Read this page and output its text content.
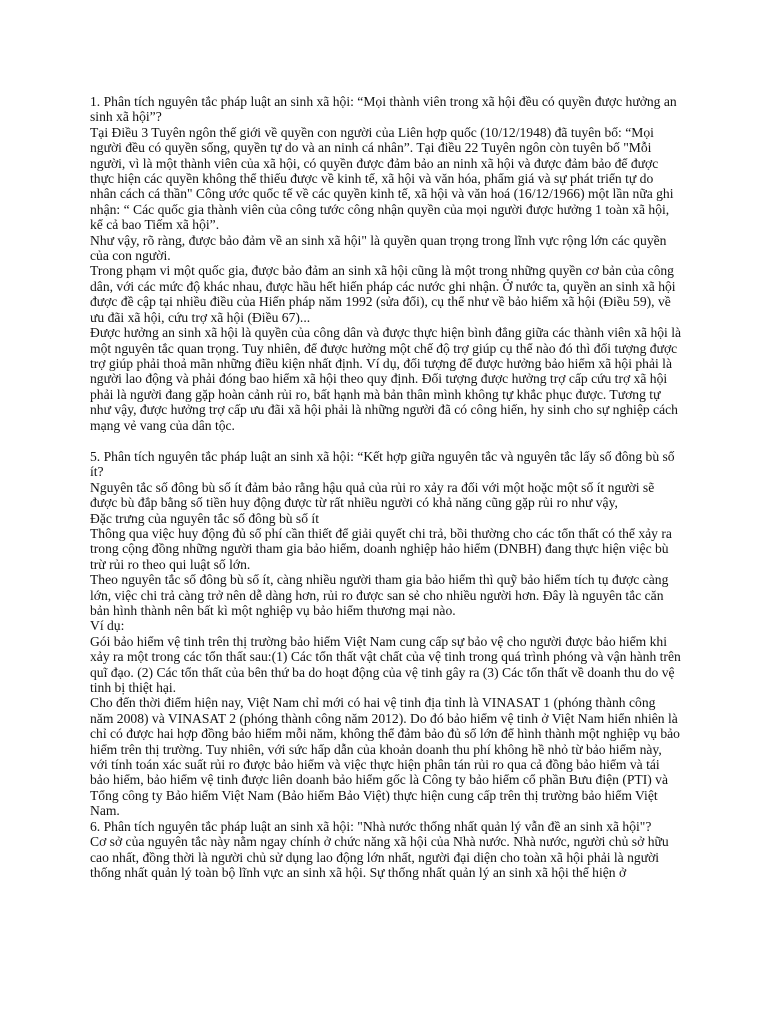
1. Phân tích nguyên tắc pháp luật an sinh xã hội: “Mọi thành viên trong xã hội đều có quyền được hưởng an sinh xã hội”?

Tại Điều 3 Tuyên ngôn thế giới về quyền con người của Liên hợp quốc (10/12/1948) đã tuyên bố: “Mọi người đều có quyền sống, quyền tự do và an ninh cá nhân”. Tại điều 22 Tuyên ngôn còn tuyên bố "Mỗi người, vì là một thành viên của xã hội, có quyền được đảm bảo an ninh xã hội và được đảm bảo để được thực hiện các quyền không thể thiếu được về kinh tế, xã hội và văn hóa, phẩm giá và sự phát triển tự do nhân cách cá thần" Công ước quốc tế về các quyền kinh tế, xã hội và văn hoá (16/12/1966) một lần nữa ghi nhận: “ Các quốc gia thành viên của công tước công nhận quyền của mọi người được hưởng 1 toàn xã hội, kể cả bao Tiếm xã hội”.

Như vậy, rõ ràng, được bảo đảm về an sinh xã hội" là quyền quan trọng trong lĩnh vực rộng lớn các quyền của con người.

Trong phạm vi một quốc gia, được bảo đảm an sinh xã hội cũng là một trong những quyền cơ bản của công dân, với các mức độ khác nhau, được hầu hết hiến pháp các nước ghi nhận. Ở nước ta, quyền an sinh xã hội được đề cập tại nhiều điều của Hiến pháp năm 1992 (sửa đổi), cụ thể như về bảo hiểm xã hội (Điều 59), về ưu đãi xã hội, cứu trợ xã hội (Điều 67)...

Được hưởng an sinh xã hội là quyền của công dân và được thực hiện bình đẳng giữa các thành viên xã hội là một nguyên tắc quan trọng. Tuy nhiên, để được hưởng một chế độ trợ giúp cụ thể nào đó thì đối tượng được trợ giúp phải thoả mãn những điều kiện nhất định. Ví dụ, đối tượng để được hưởng bảo hiểm xã hội phải là người lao động và phải đóng bao hiểm xã hội theo quy định. Đối tượng được hưởng trợ cấp cứu trợ xã hội phải là người đang gặp hoàn cảnh rủi ro, bất hạnh mà bản thân mình không tự khắc phục được. Tương tự như vậy, được hưởng trợ cấp ưu đãi xã hội phải là những người đã có công hiến, hy sinh cho sự nghiệp cách mạng vẻ vang của dân tộc.

5. Phân tích nguyên tắc pháp luật an sinh xã hội: “Kết hợp giữa nguyên tắc và nguyên tắc lấy số đông bù số ít?

Nguyên tắc số đông bù số ít đảm bảo rằng hậu quả của rủi ro xảy ra đối với một hoặc một số ít người sẽ được bù đắp bằng số tiền huy động được từ rất nhiều người có khả năng cũng gặp rủi ro như vậy,

Đặc trưng của nguyên tắc số đông bù số ít

Thông qua việc huy động đủ số phí cần thiết để giải quyết chi trả, bồi thường cho các tổn thất có thể xảy ra trong cộng đồng những người tham gia bảo hiểm, doanh nghiệp hảo hiểm (DNBH) đang thực hiện việc bù trừ rủi ro theo qui luật số lớn.

Theo nguyên tắc số đông bù số ít, càng nhiều người tham gia bảo hiểm thì quỹ bảo hiểm tích tụ được càng lớn, việc chi trả càng trở nên dễ dàng hơn, rủi ro được san sẻ cho nhiều người hơn. Đây là nguyên tắc căn bản hình thành nên bất kì một nghiệp vụ bảo hiểm thương mại nào.

Ví dụ:

Gói bảo hiểm vệ tinh trên thị trường bảo hiểm Việt Nam cung cấp sự bảo vệ cho người được bảo hiểm khi xảy ra một trong các tổn thất sau:(1) Các tổn thất vật chất của vệ tinh trong quá trình phóng và vận hành trên quĩ đạo. (2) Các tổn thất của bên thứ ba do hoạt động của vệ tinh gây ra (3) Các tổn thất về doanh thu do vệ tinh bị thiệt hại.

Cho đến thời điểm hiện nay, Việt Nam chỉ mới có hai vệ tinh địa tỉnh là VINASAT 1 (phóng thành công năm 2008) và VINASAT 2 (phóng thành công năm 2012). Do đó bảo hiểm vệ tinh ở Việt Nam hiển nhiên là chỉ có được hai hợp đồng bảo hiểm mỗi năm, không thể đảm bảo đủ số lớn để hình thành một nghiệp vụ bảo hiểm trên thị trường. Tuy nhiên, với sức hấp dẫn của khoản doanh thu phí không hề nhỏ từ bảo hiểm này, với tính toán xác suất rủi ro được bảo hiểm và việc thực hiện phân tán rủi ro qua cả đồng bảo hiểm và tái bảo hiểm, bảo hiểm vệ tinh được liên doanh bảo hiểm gốc là Công ty bảo hiểm cổ phần Bưu điện (PTI) và Tổng công ty Bảo hiểm Việt Nam (Bảo hiểm Bảo Việt) thực hiện cung cấp trên thị trường bảo hiểm Việt Nam.

6. Phân tích nguyên tắc pháp luật an sinh xã hội: "Nhà nước thống nhất quản lý vẫn đề an sinh xã hội"?

Cơ sở của nguyên tắc này nằm ngay chính ở chức năng xã hội của Nhà nước. Nhà nước, người chủ sở hữu cao nhất, đồng thời là người chủ sử dụng lao động lớn nhất, người đại diện cho toàn xã hội phải là người thống nhất quản lý toàn bộ lĩnh vực an sinh xã hội. Sự thống nhất quản lý an sinh xã hội thể hiện ở
